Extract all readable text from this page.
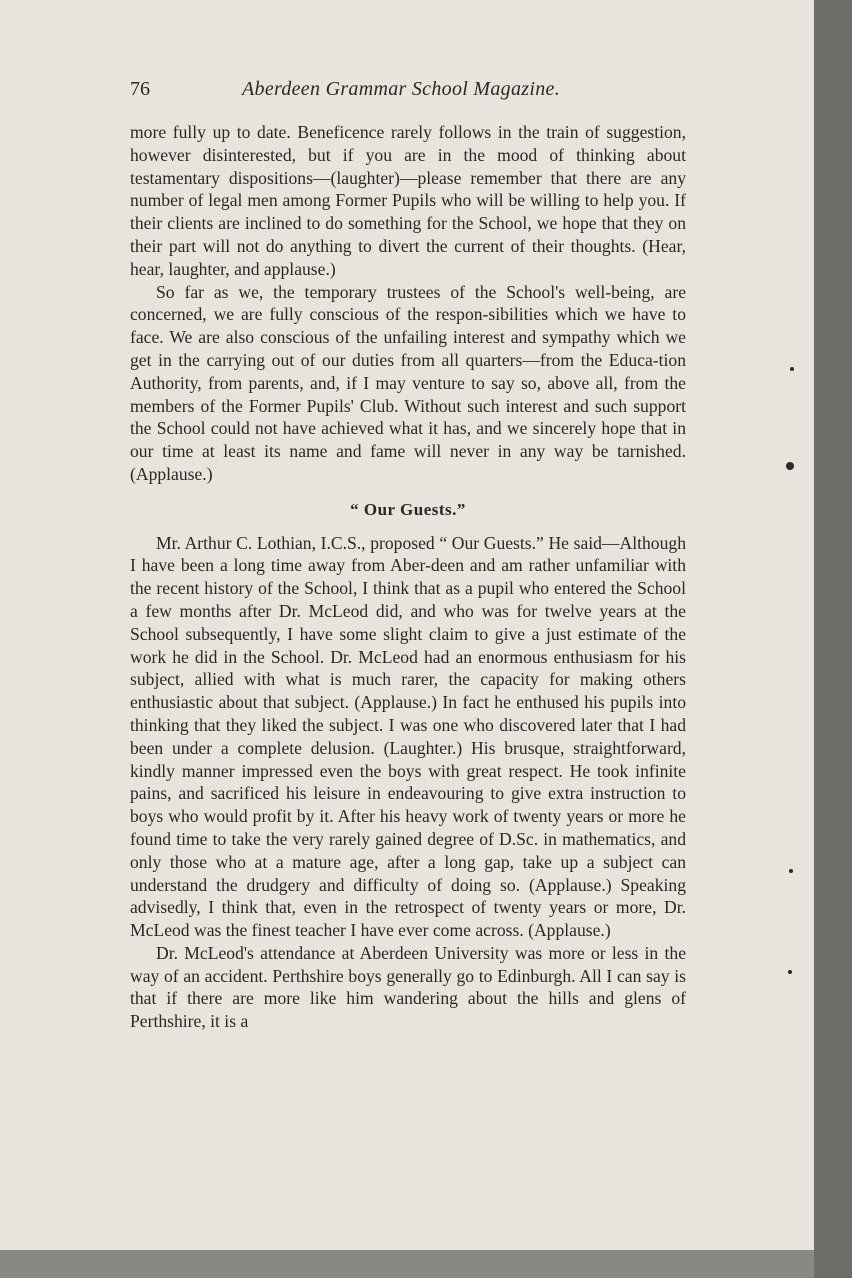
76	Aberdeen Grammar School Magazine.

more fully up to date. Beneficence rarely follows in the train of suggestion, however disinterested, but if you are in the mood of thinking about testamentary dispositions—(laughter)—please remember that there are any number of legal men among Former Pupils who will be willing to help you. If their clients are inclined to do something for the School, we hope that they on their part will not do anything to divert the current of their thoughts. (Hear, hear, laughter, and applause.)

So far as we, the temporary trustees of the School's well-being, are concerned, we are fully conscious of the respon-sibilities which we have to face. We are also conscious of the unfailing interest and sympathy which we get in the carrying out of our duties from all quarters—from the Educa-tion Authority, from parents, and, if I may venture to say so, above all, from the members of the Former Pupils' Club. Without such interest and such support the School could not have achieved what it has, and we sincerely hope that in our time at least its name and fame will never in any way be tarnished. (Applause.)

“ Our Guests.”

Mr. Arthur C. Lothian, I.C.S., proposed “ Our Guests.” He said—Although I have been a long time away from Aber-deen and am rather unfamiliar with the recent history of the School, I think that as a pupil who entered the School a few months after Dr. McLeod did, and who was for twelve years at the School subsequently, I have some slight claim to give a just estimate of the work he did in the School. Dr. McLeod had an enormous enthusiasm for his subject, allied with what is much rarer, the capacity for making others enthusiastic about that subject. (Applause.) In fact he enthused his pupils into thinking that they liked the subject. I was one who discovered later that I had been under a complete delusion. (Laughter.) His brusque, straightforward, kindly manner impressed even the boys with great respect. He took infinite pains, and sacrificed his leisure in endeavouring to give extra instruction to boys who would profit by it. After his heavy work of twenty years or more he found time to take the very rarely gained degree of D.Sc. in mathematics, and only those who at a mature age, after a long gap, take up a subject can understand the drudgery and difficulty of doing so. (Applause.) Speaking advisedly, I think that, even in the retrospect of twenty years or more, Dr. McLeod was the finest teacher I have ever come across. (Applause.)

Dr. McLeod's attendance at Aberdeen University was more or less in the way of an accident. Perthshire boys generally go to Edinburgh. All I can say is that if there are more like him wandering about the hills and glens of Perthshire, it is a
